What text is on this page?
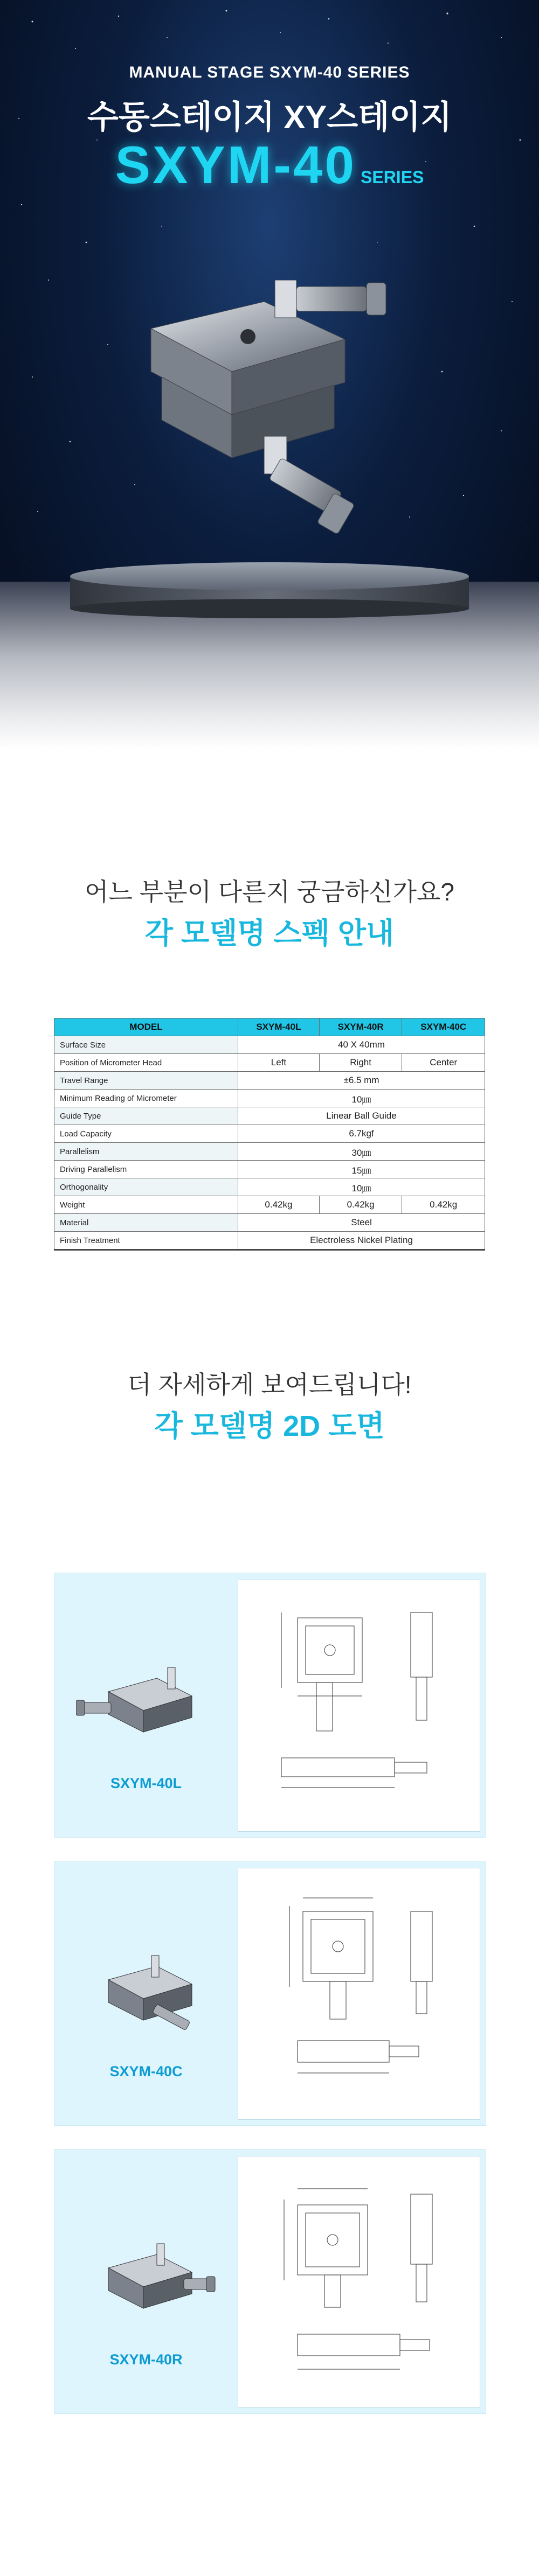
MANUAL STAGE SXYM-40 SERIES
수동스테이지 XY스테이지
SXYM-40 SERIES
어느 부분이 다른지 궁금하신가요?
각 모델명 스펙 안내
MODEL	SXYM-40L	SXYM-40R	SXYM-40C
Surface Size	40 X 40mm		
Position of Micrometer Head	Left	Right	Center
Travel Range	±6.5 mm		
Minimum Reading of Micrometer	10㎛		
Guide Type	Linear Ball Guide		
Load Capacity	6.7kgf		
Parallelism	30㎛		
Driving Parallelism	15㎛		
Orthogonality	10㎛		
Weight	0.42kg	0.42kg	0.42kg
Material	Steel		
Finish Treatment	Electroless Nickel Plating		
더 자세하게 보여드립니다!
각 모델명 2D 도면
SXYM-40L
SXYM-40C
SXYM-40R
